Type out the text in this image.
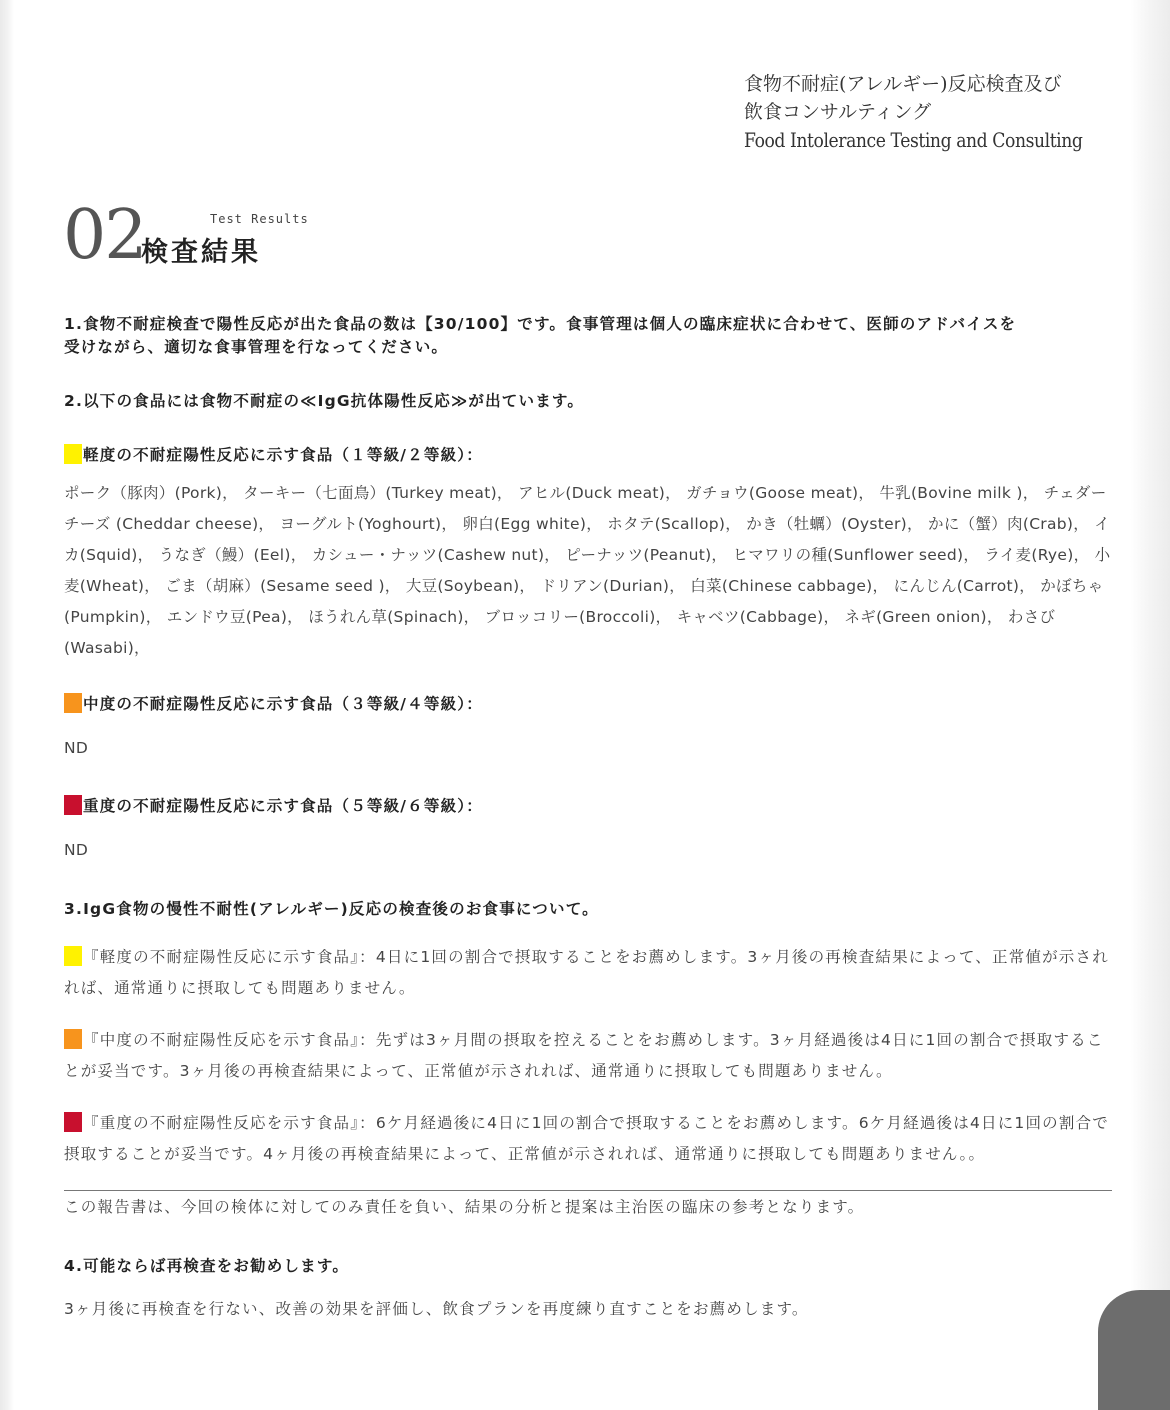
食物不耐症(アレルギー)反応検査及び
飲食コンサルティング
Food Intolerance Testing and Consulting
02	Test Results
検査結果
1.食物不耐症検査で陽性反応が出た食品の数は【30/100】です。食事管理は個人の臨床症状に合わせて、医師のアドバイスを
受けながら、適切な食事管理を行なってください。
2.以下の食品には食物不耐症の≪IgG抗体陽性反応≫が出ています。
軽度の不耐症陽性反応に示す食品（１等級/２等級）：
ポーク（豚肉）(Pork)， ターキー（七面鳥）(Turkey meat)， アヒル(Duck meat)， ガチョウ(Goose meat)， 牛乳(Bovine milk )， チェダーチーズ (Cheddar cheese)， ヨーグルト(Yoghourt)， 卵白(Egg white)， ホタテ(Scallop)， かき（牡蠣）(Oyster)， かに（蟹）肉(Crab)， イカ(Squid)， うなぎ（鰻）(Eel)， カシュー・ナッツ(Cashew nut)， ピーナッツ(Peanut)， ヒマワリの種(Sunflower seed)， ライ麦(Rye)， 小麦(Wheat)， ごま（胡麻）(Sesame seed )， 大豆(Soybean)， ドリアン(Durian)， 白菜(Chinese cabbage)， にんじん(Carrot)， かぼちゃ(Pumpkin)， エンドウ豆(Pea)， ほうれん草(Spinach)， ブロッコリー(Broccoli)， キャベツ(Cabbage)， ネギ(Green onion)， わさび(Wasabi)，
中度の不耐症陽性反応に示す食品（３等級/４等級）：
ND
重度の不耐症陽性反応に示す食品（５等級/６等級）：
ND
3.IgG食物の慢性不耐性(アレルギー)反応の検査後のお食事について。
『軽度の不耐症陽性反応に示す食品』：4日に1回の割合で摂取することをお薦めします。3ヶ月後の再検査結果によって、正常値が示されれば、通常通りに摂取しても問題ありません。
『中度の不耐症陽性反応を示す食品』：先ずは3ヶ月間の摂取を控えることをお薦めします。3ヶ月経過後は4日に1回の割合で摂取することが妥当です。3ヶ月後の再検査結果によって、正常値が示されれば、通常通りに摂取しても問題ありません。
『重度の不耐症陽性反応を示す食品』：6ケ月経過後に4日に1回の割合で摂取することをお薦めします。6ケ月経過後は4日に1回の割合で摂取することが妥当です。4ヶ月後の再検査結果によって、正常値が示されれば、通常通りに摂取しても問題ありません。。
この報告書は、今回の検体に対してのみ責任を負い、結果の分析と提案は主治医の臨床の参考となります。
4.可能ならば再検査をお勧めします。
3ヶ月後に再検査を行ない、改善の効果を評価し、飲食プランを再度練り直すことをお薦めします。
